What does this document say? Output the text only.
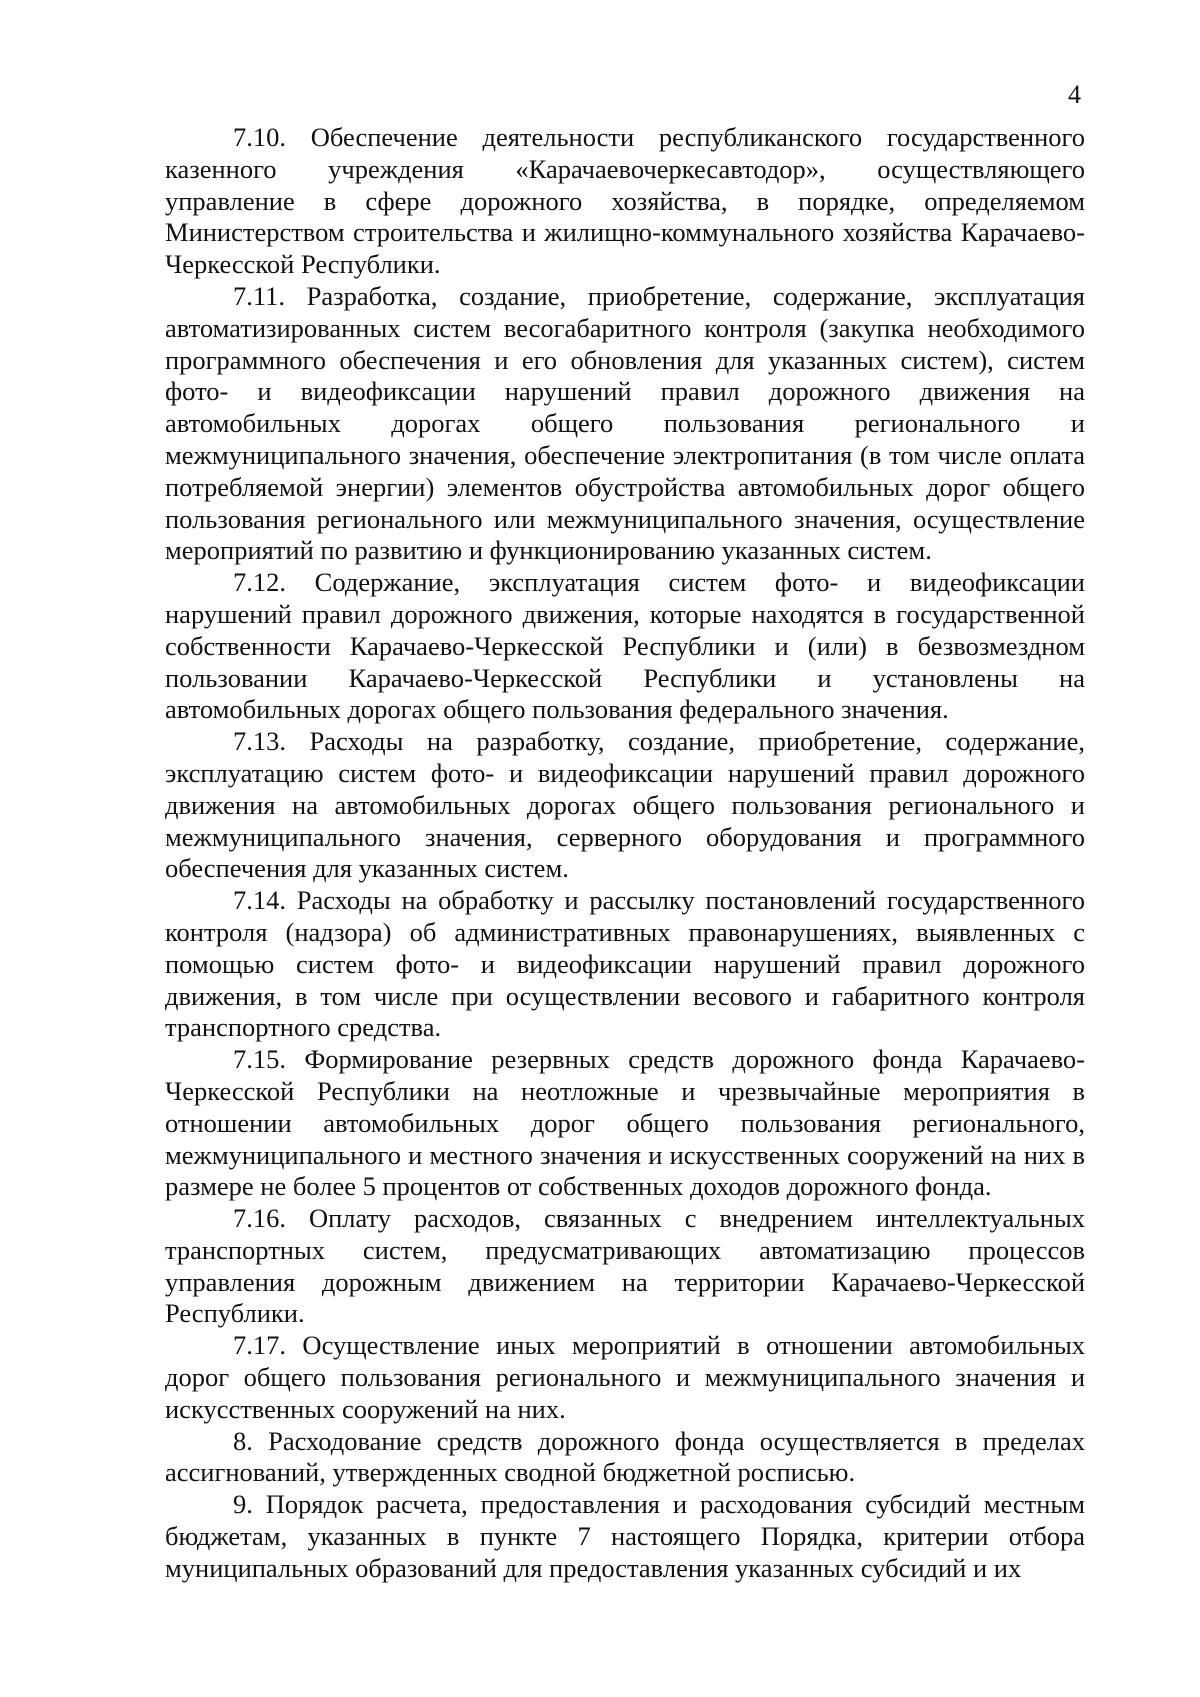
4

7.10. Обеспечение деятельности республиканского государственного казенного учреждения «Карачаевочеркесавтодор», осуществляющего управление в сфере дорожного хозяйства, в порядке, определяемом Министерством строительства и жилищно-коммунального хозяйства Карачаево-Черкесской Республики.

7.11. Разработка, создание, приобретение, содержание, эксплуатация автоматизированных систем весогабаритного контроля (закупка необходимого программного обеспечения и его обновления для указанных систем), систем фото- и видеофиксации нарушений правил дорожного движения на автомобильных дорогах общего пользования регионального и межмуниципального значения, обеспечение электропитания (в том числе оплата потребляемой энергии) элементов обустройства автомобильных дорог общего пользования регионального или межмуниципального значения, осуществление мероприятий по развитию и функционированию указанных систем.

7.12. Содержание, эксплуатация систем фото- и видеофиксации нарушений правил дорожного движения, которые находятся в государственной собственности Карачаево-Черкесской Республики и (или) в безвозмездном пользовании Карачаево-Черкесской Республики и установлены на автомобильных дорогах общего пользования федерального значения.

7.13. Расходы на разработку, создание, приобретение, содержание, эксплуатацию систем фото- и видеофиксации нарушений правил дорожного движения на автомобильных дорогах общего пользования регионального и межмуниципального значения, серверного оборудования и программного обеспечения для указанных систем.

7.14. Расходы на обработку и рассылку постановлений государственного контроля (надзора) об административных правонарушениях, выявленных с помощью систем фото- и видеофиксации нарушений правил дорожного движения, в том числе при осуществлении весового и габаритного контроля транспортного средства.

7.15. Формирование резервных средств дорожного фонда Карачаево-Черкесской Республики на неотложные и чрезвычайные мероприятия в отношении автомобильных дорог общего пользования регионального, межмуниципального и местного значения и искусственных сооружений на них в размере не более 5 процентов от собственных доходов дорожного фонда.

7.16. Оплату расходов, связанных с внедрением интеллектуальных транспортных систем, предусматривающих автоматизацию процессов управления дорожным движением на территории Карачаево-Черкесской Республики.

7.17. Осуществление иных мероприятий в отношении автомобильных дорог общего пользования регионального и межмуниципального значения и искусственных сооружений на них.

8. Расходование средств дорожного фонда осуществляется в пределах ассигнований, утвержденных сводной бюджетной росписью.

9. Порядок расчета, предоставления и расходования субсидий местным бюджетам, указанных в пункте 7 настоящего Порядка, критерии отбора муниципальных образований для предоставления указанных субсидий и их
